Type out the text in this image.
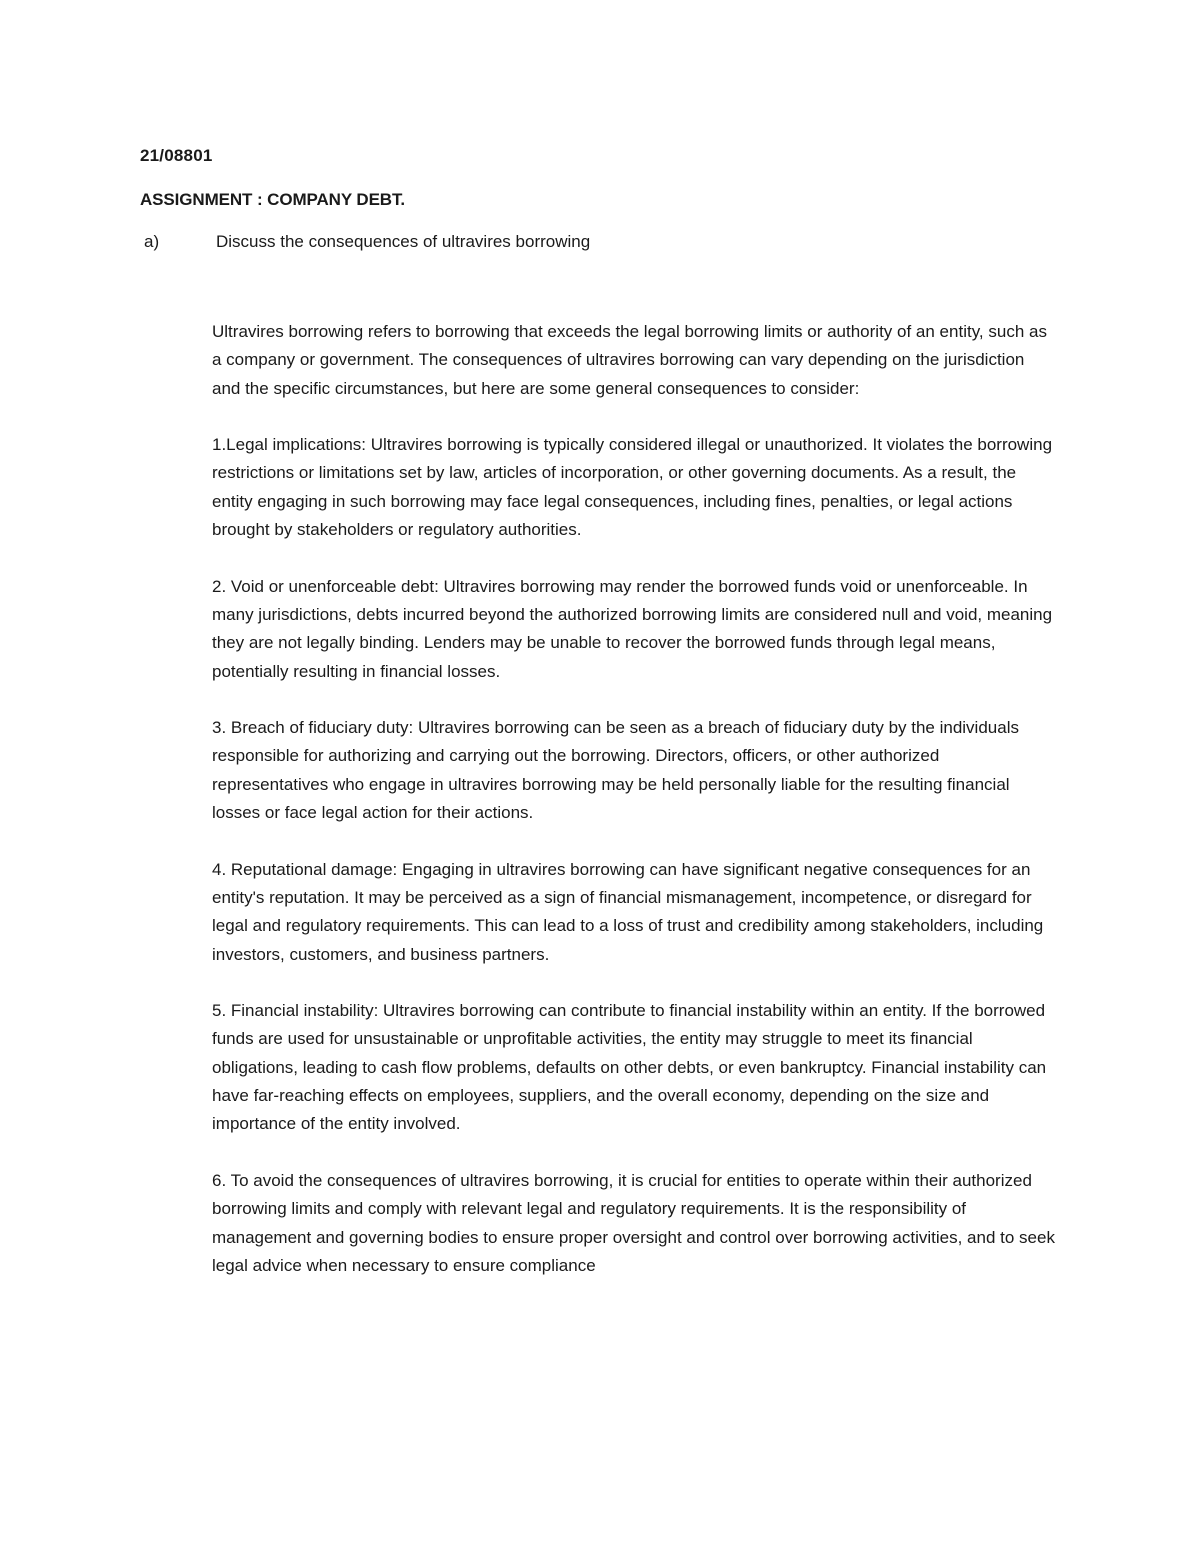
21/08801
ASSIGNMENT : COMPANY DEBT.
a)	Discuss the consequences of ultravires borrowing

Ultravires borrowing refers to borrowing that exceeds the legal borrowing limits or authority of an entity, such as a company or government. The consequences of ultravires borrowing can vary depending on the jurisdiction and the specific circumstances, but here are some general consequences to consider:

1.Legal implications: Ultravires borrowing is typically considered illegal or unauthorized. It violates the borrowing restrictions or limitations set by law, articles of incorporation, or other governing documents. As a result, the entity engaging in such borrowing may face legal consequences, including fines, penalties, or legal actions brought by stakeholders or regulatory authorities.

2. Void or unenforceable debt: Ultravires borrowing may render the borrowed funds void or unenforceable. In many jurisdictions, debts incurred beyond the authorized borrowing limits are considered null and void, meaning they are not legally binding. Lenders may be unable to recover the borrowed funds through legal means, potentially resulting in financial losses.

3. Breach of fiduciary duty: Ultravires borrowing can be seen as a breach of fiduciary duty by the individuals responsible for authorizing and carrying out the borrowing. Directors, officers, or other authorized representatives who engage in ultravires borrowing may be held personally liable for the resulting financial losses or face legal action for their actions.

4. Reputational damage: Engaging in ultravires borrowing can have significant negative consequences for an entity's reputation. It may be perceived as a sign of financial mismanagement, incompetence, or disregard for legal and regulatory requirements. This can lead to a loss of trust and credibility among stakeholders, including investors, customers, and business partners.

5. Financial instability: Ultravires borrowing can contribute to financial instability within an entity. If the borrowed funds are used for unsustainable or unprofitable activities, the entity may struggle to meet its financial obligations, leading to cash flow problems, defaults on other debts, or even bankruptcy. Financial instability can have far-reaching effects on employees, suppliers, and the overall economy, depending on the size and importance of the entity involved.

6. To avoid the consequences of ultravires borrowing, it is crucial for entities to operate within their authorized borrowing limits and comply with relevant legal and regulatory requirements. It is the responsibility of management and governing bodies to ensure proper oversight and control over borrowing activities, and to seek legal advice when necessary to ensure compliance
